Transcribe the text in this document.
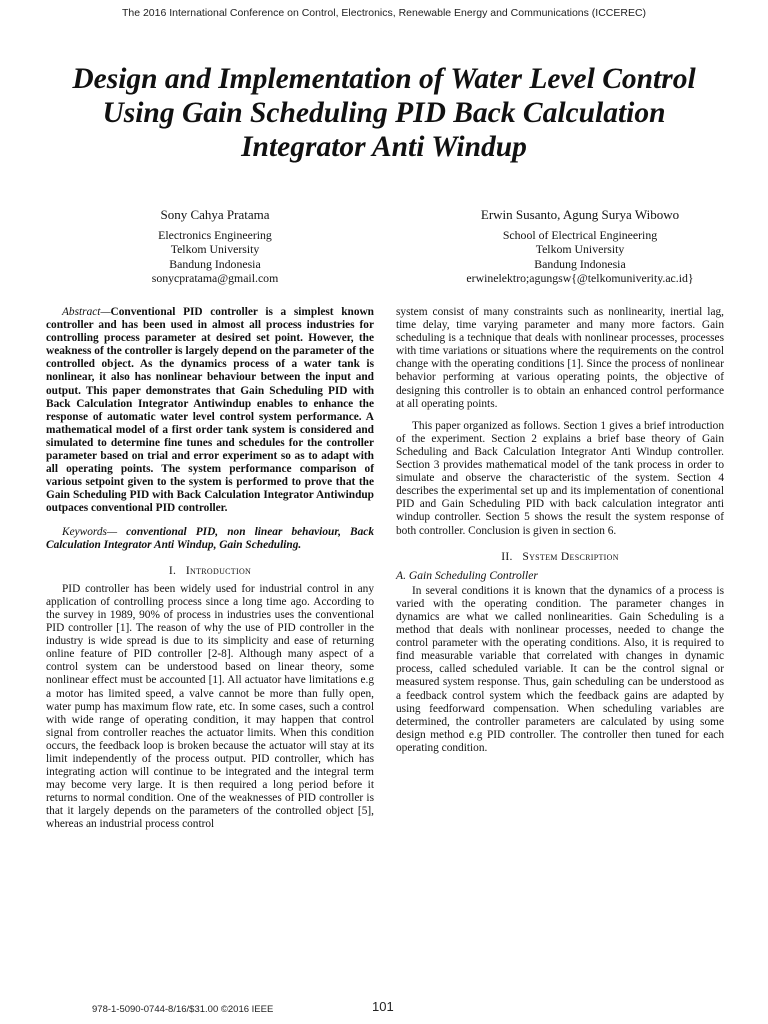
The 2016 International Conference on Control, Electronics, Renewable Energy and Communications (ICCEREC)
Design and Implementation of Water Level Control
Using Gain Scheduling PID Back Calculation
Integrator Anti Windup
Sony Cahya Pratama
Electronics Engineering
Telkom University
Bandung Indonesia
sonycpratama@gmail.com
Erwin Susanto, Agung Surya Wibowo
School of Electrical Engineering
Telkom University
Bandung Indonesia
erwinelektro;agungsw{@telkomuniverity.ac.id}

Abstract—Conventional PID controller is a simplest known controller and has been used in almost all process industries for controlling process parameter at desired set point. However, the weakness of the controller is largely depend on the parameter of the controlled object. As the dynamics process of a water tank is nonlinear, it also has nonlinear behaviour between the input and output. This paper demonstrates that Gain Scheduling PID with Back Calculation Integrator Antiwindup enables to enhance the response of automatic water level control system performance. A mathematical model of a first order tank system is considered and simulated to determine fine tunes and schedules for the controller parameter based on trial and error experiment so as to adapt with all operating points. The system performance comparison of various setpoint given to the system is performed to prove that the Gain Scheduling PID with Back Calculation Integrator Antiwindup outpaces conventional PID controller.

Keywords— conventional PID, non linear behaviour, Back Calculation Integrator Anti Windup, Gain Scheduling.

I. Introduction

PID controller has been widely used for industrial control in any application of controlling process since a long time ago. According to the survey in 1989, 90% of process in industries uses the conventional PID controller [1]. The reason of why the use of PID controller in the industry is wide spread is due to its simplicity and ease of returning online feature of PID controller [2-8]. Although many aspect of a control system can be understood based on linear theory, some nonlinear effect must be accounted [1]. All actuator have limitations e.g a motor has limited speed, a valve cannot be more than fully open, water pump has maximum flow rate, etc. In some cases, such a control with wide range of operating condition, it may happen that control signal from controller reaches the actuator limits. When this condition occurs, the feedback loop is broken because the actuator will stay at its limit independently of the process output. PID controller, which has integrating action will continue to be integrated and the integral term may become very large. It is then required a long period before it returns to normal condition. One of the weaknesses of PID controller is that it largely depends on the parameters of the controlled object [5], whereas an industrial process control

system consist of many constraints such as nonlinearity, inertial lag, time delay, time varying parameter and many more factors. Gain scheduling is a technique that deals with nonlinear processes, processes with time variations or situations where the requirements on the control change with the operating conditions [1]. Since the process of nonlinear behavior performing at various operating points, the objective of designing this controller is to obtain an enhanced control performance at all operating points.

This paper organized as follows. Section 1 gives a brief introduction of the experiment. Section 2 explains a brief base theory of Gain Scheduling and Back Calculation Integrator Anti Windup controller. Section 3 provides mathematical model of the tank process in order to simulate and observe the characteristic of the system. Section 4 describes the experimental set up and its implementation of conentional PID and Gain Scheduling PID with back calculation integrator anti windup controller. Section 5 shows the result the system response of both controller. Conclusion is given in section 6.

II. System Description
A. Gain Scheduling Controller

In several conditions it is known that the dynamics of a process is varied with the operating condition. The parameter changes in dynamics are what we called nonlinearities. Gain Scheduling is a method that deals with nonlinear processes, needed to change the control parameter with the operating conditions. Also, it is required to find measurable variable that correlated with changes in dynamic process, called scheduled variable. It can be the control signal or measured system response. Thus, gain scheduling can be understood as a feedback control system which the feedback gains are adapted by using feedforward compensation. When scheduling variables are determined, the controller parameters are calculated by using some design method e.g PID controller. The controller then tuned for each operating condition.

978-1-5090-0744-8/16/$31.00 ©2016 IEEE	101
